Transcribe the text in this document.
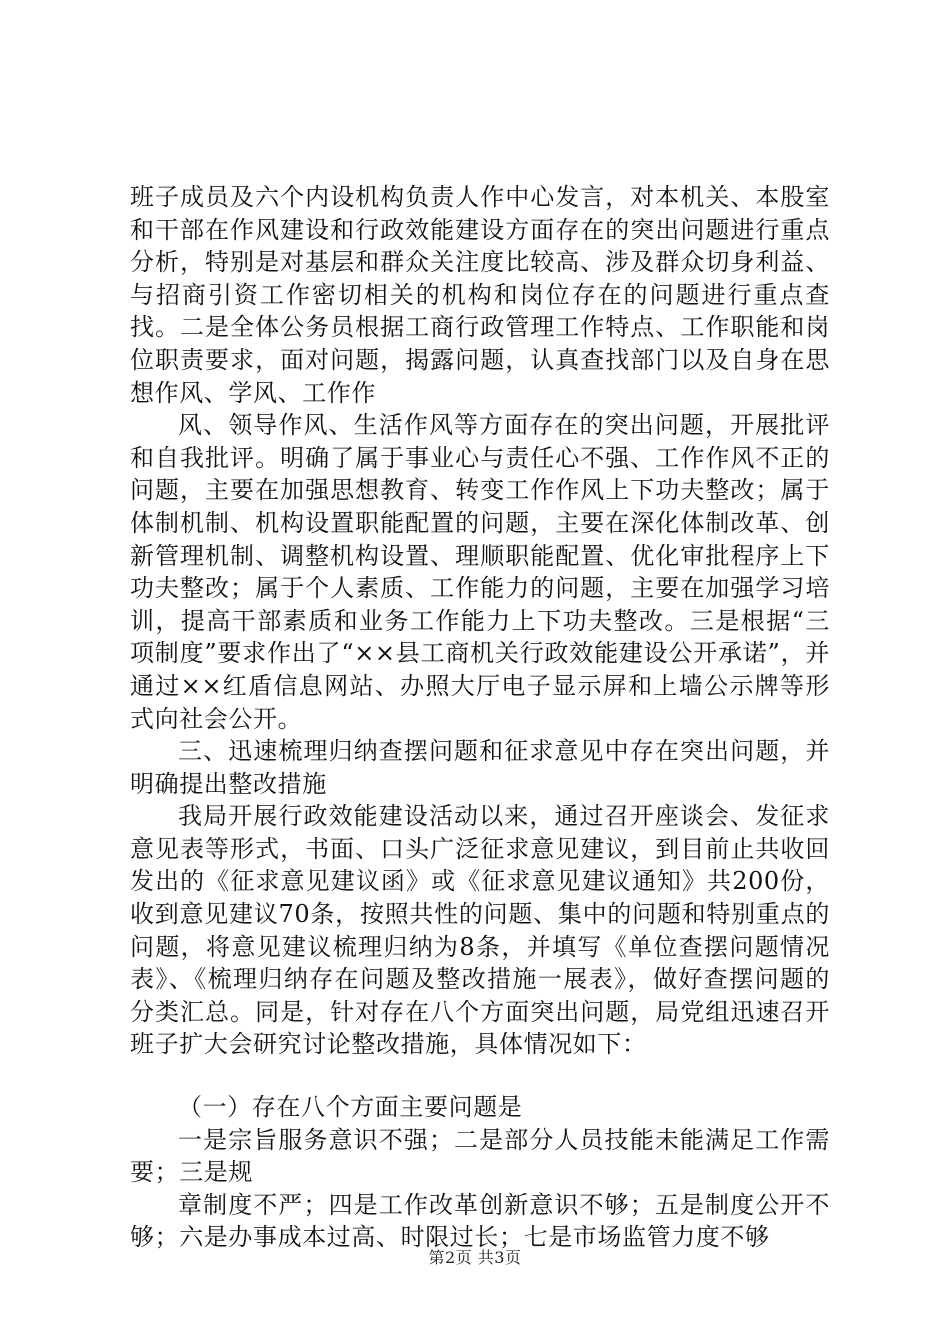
班子成员及六个内设机构负责人作中心发言，对本机关、本股室和干部在作风建设和行政效能建设方面存在的突出问题进行重点分析，特别是对基层和群众关注度比较高、涉及群众切身利益、与招商引资工作密切相关的机构和岗位存在的问题进行重点查找。二是全体公务员根据工商行政管理工作特点、工作职能和岗位职责要求，面对问题，揭露问题，认真查找部门以及自身在思想作风、学风、工作作

风、领导作风、生活作风等方面存在的突出问题，开展批评和自我批评。明确了属于事业心与责任心不强、工作作风不正的问题，主要在加强思想教育、转变工作作风上下功夫整改；属于体制机制、机构设置职能配置的问题，主要在深化体制改革、创新管理机制、调整机构设置、理顺职能配置、优化审批程序上下功夫整改；属于个人素质、工作能力的问题，主要在加强学习培训，提高干部素质和业务工作能力上下功夫整改。三是根据“三项制度”要求作出了“××县工商机关行政效能建设公开承诺”，并通过××红盾信息网站、办照大厅电子显示屏和上墙公示牌等形式向社会公开。

三、迅速梳理归纳查摆问题和征求意见中存在突出问题，并明确提出整改措施

我局开展行政效能建设活动以来，通过召开座谈会、发征求意见表等形式，书面、口头广泛征求意见建议，到目前止共收回发出的《征求意见建议函》或《征求意见建议通知》共200份，收到意见建议70条，按照共性的问题、集中的问题和特别重点的问题，将意见建议梳理归纳为8条，并填写《单位查摆问题情况表》、《梳理归纳存在问题及整改措施一展表》，做好查摆问题的分类汇总。同是，针对存在八个方面突出问题，局党组迅速召开班子扩大会研究讨论整改措施，具体情况如下：

（一）存在八个方面主要问题是

一是宗旨服务意识不强；二是部分人员技能未能满足工作需要；三是规

章制度不严；四是工作改革创新意识不够；五是制度公开不够；六是办事成本过高、时限过长；七是市场监管力度不够

第2页 共3页
